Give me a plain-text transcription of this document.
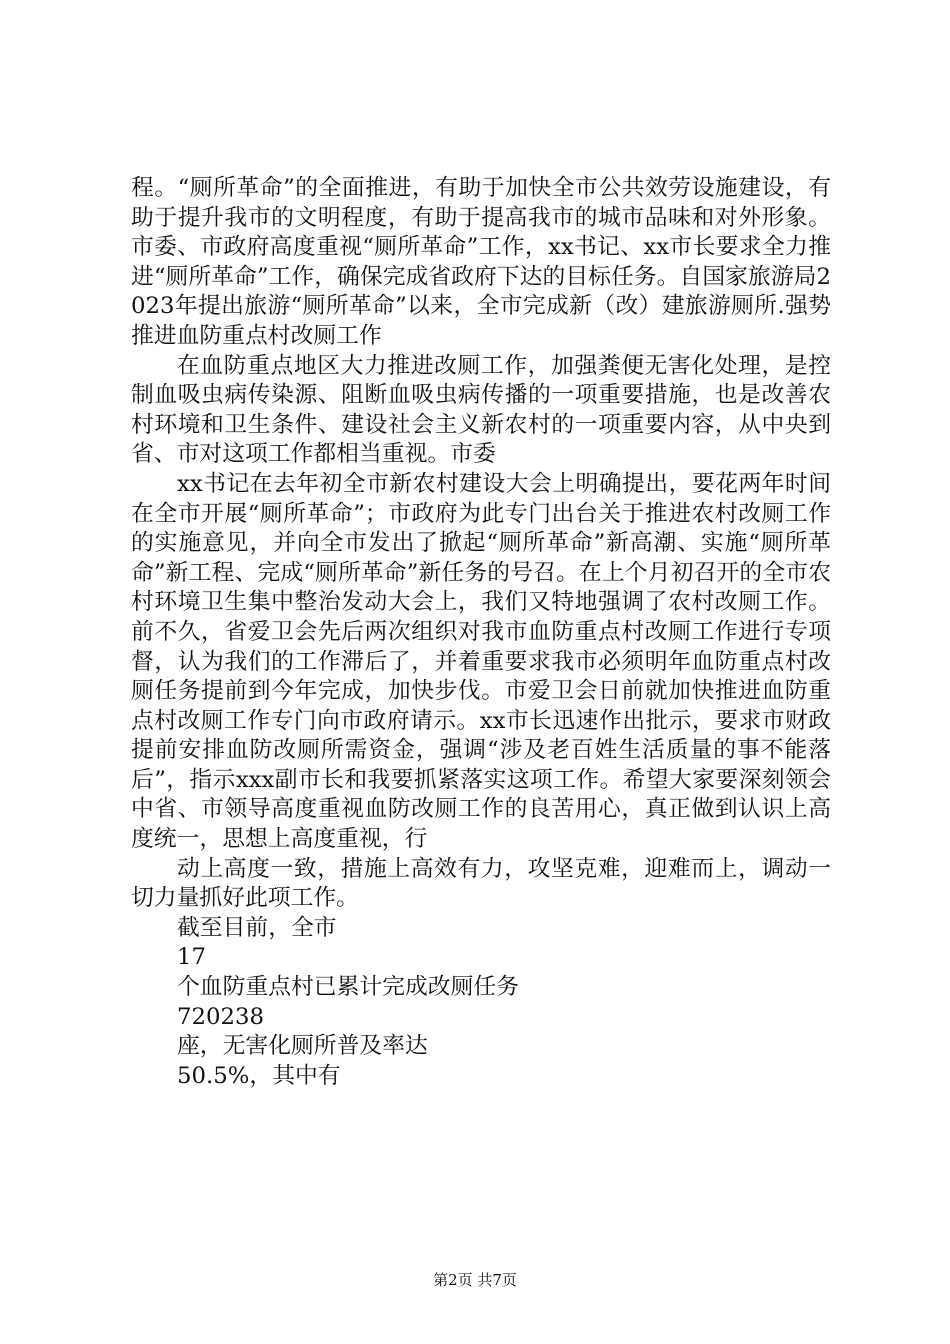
程。“厕所革命”的全面推进，有助于加快全市公共效劳设施建设，有助于提升我市的文明程度，有助于提高我市的城市品味和对外形象。市委、市政府高度重视“厕所革命”工作，xx书记、xx市长要求全力推进“厕所革命”工作，确保完成省政府下达的目标任务。自国家旅游局2023年提出旅游“厕所革命”以来，全市完成新（改）建旅游厕所.强势推进血防重点村改厕工作

在血防重点地区大力推进改厕工作，加强粪便无害化处理，是控制血吸虫病传染源、阻断血吸虫病传播的一项重要措施，也是改善农村环境和卫生条件、建设社会主义新农村的一项重要内容，从中央到省、市对这项工作都相当重视。市委

xx书记在去年初全市新农村建设大会上明确提出，要花两年时间在全市开展“厕所革命”；市政府为此专门出台关于推进农村改厕工作的实施意见，并向全市发出了掀起“厕所革命”新高潮、实施“厕所革命”新工程、完成“厕所革命”新任务的号召。在上个月初召开的全市农村环境卫生集中整治发动大会上，我们又特地强调了农村改厕工作。前不久，省爱卫会先后两次组织对我市血防重点村改厕工作进行专项督，认为我们的工作滞后了，并着重要求我市必须明年血防重点村改厕任务提前到今年完成，加快步伐。市爱卫会日前就加快推进血防重点村改厕工作专门向市政府请示。xx市长迅速作出批示，要求市财政提前安排血防改厕所需资金，强调“涉及老百姓生活质量的事不能落后”，指示xxx副市长和我要抓紧落实这项工作。希望大家要深刻领会中省、市领导高度重视血防改厕工作的良苦用心，真正做到认识上高度统一，思想上高度重视，行

动上高度一致，措施上高效有力，攻坚克难，迎难而上，调动一切力量抓好此项工作。

截至目前，全市

17

个血防重点村已累计完成改厕任务

720238

座，无害化厕所普及率达

50.5%，其中有

第2页 共7页
